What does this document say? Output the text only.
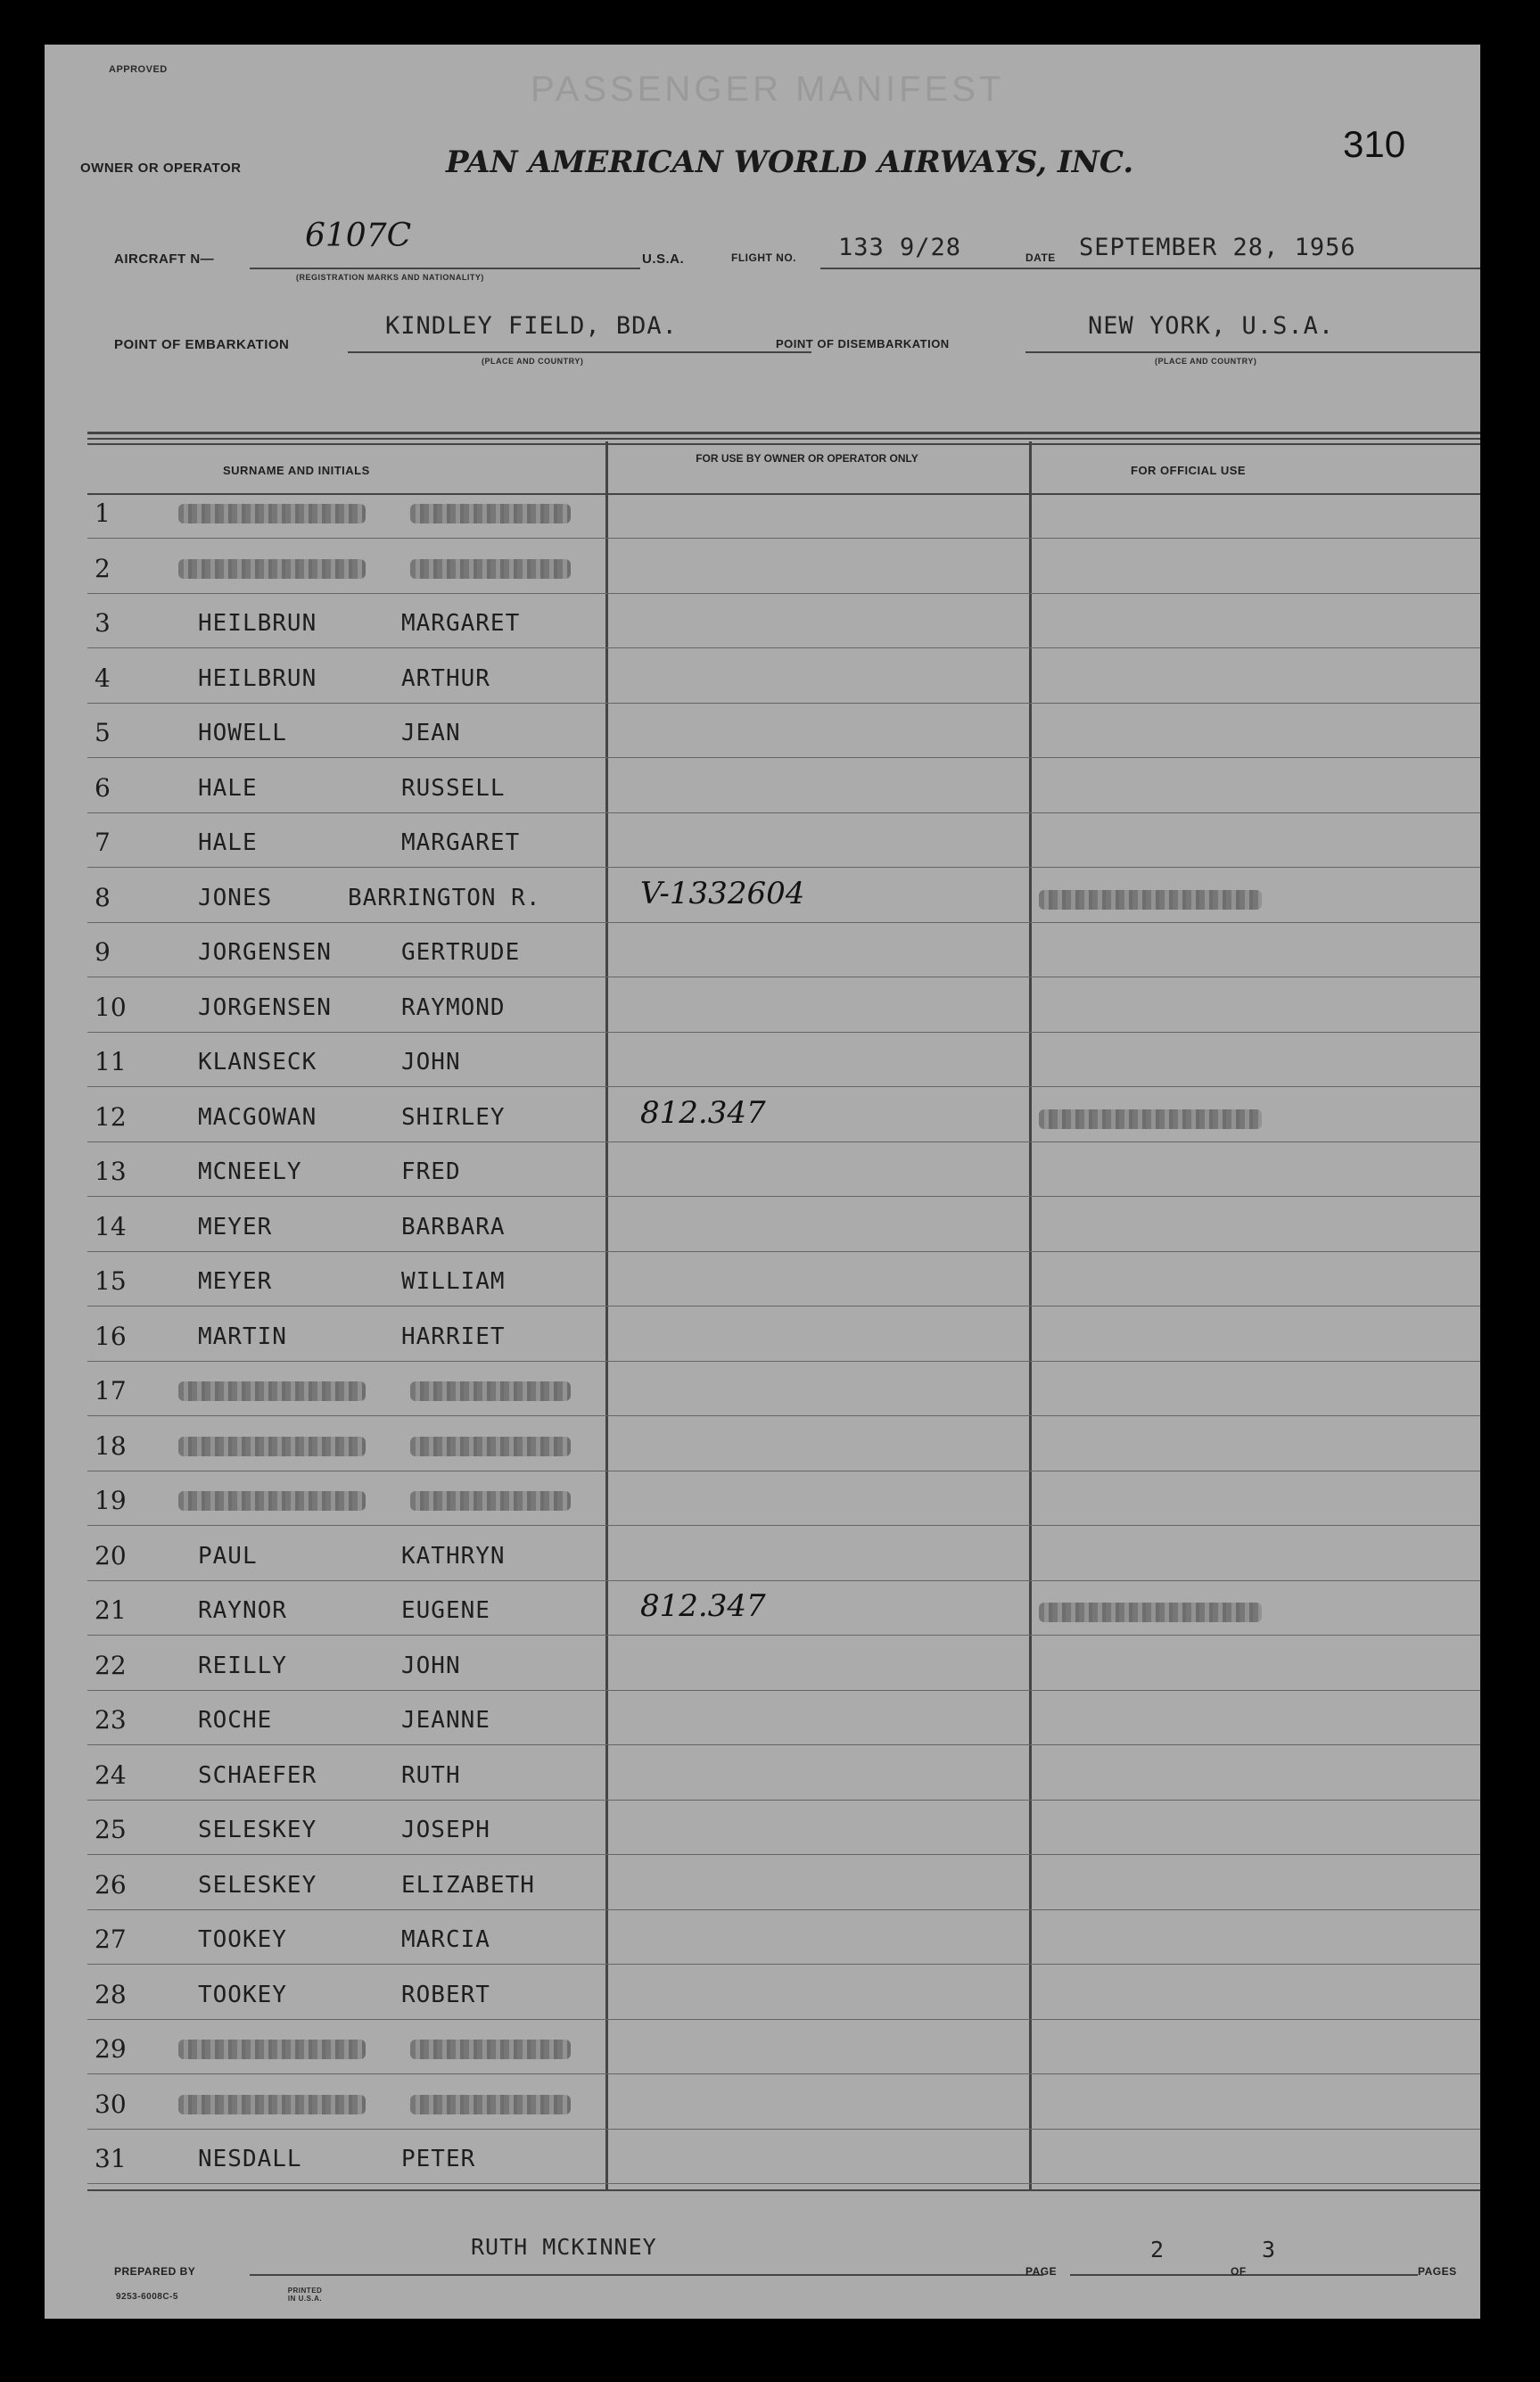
APPROVED	PASSENGER MANIFEST
OWNER OR OPERATOR	PAN AMERICAN WORLD AIRWAYS, INC.	310
AIRCRAFT N—
6107C
(REGISTRATION MARKS AND NATIONALITY)
U.S.A.	FLIGHT NO. 133 9/28	DATE SEPTEMBER 28, 1956
POINT OF EMBARKATION
KINDLEY FIELD, BDA.
(PLACE AND COUNTRY)
POINT OF DISEMBARKATION
NEW YORK, U.S.A.
(PLACE AND COUNTRY)
SURNAME AND INITIALS
FOR USE BY OWNER OR OPERATOR ONLY
FOR OFFICIAL USE
1
2
3	HEILBRUN	MARGARET
4	HEILBRUN	ARTHUR
5	HOWELL	JEAN
6	HALE	RUSSELL
7	HALE	MARGARET
8	JONES	BARRINGTON R.	V-1332604
9	JORGENSEN	GERTRUDE
10	JORGENSEN	RAYMOND
11	KLANSECK	JOHN
12	MACGOWAN	SHIRLEY	812.347
13	MCNEELY	FRED
14	MEYER	BARBARA
15	MEYER	WILLIAM
16	MARTIN	HARRIET
17
18
19
20	PAUL	KATHRYN
21	RAYNOR	EUGENE	812.347
22	REILLY	JOHN
23	ROCHE	JEANNE
24	SCHAEFER	RUTH
25	SELESKEY	JOSEPH
26	SELESKEY	ELIZABETH
27	TOOKEY	MARCIA
28	TOOKEY	ROBERT
29
30
31	NESDALL	PETER
PREPARED BY
RUTH MCKINNEY
PAGE
2
OF
3
PAGES
9253-6008C-5
PRINTED IN U.S.A.
